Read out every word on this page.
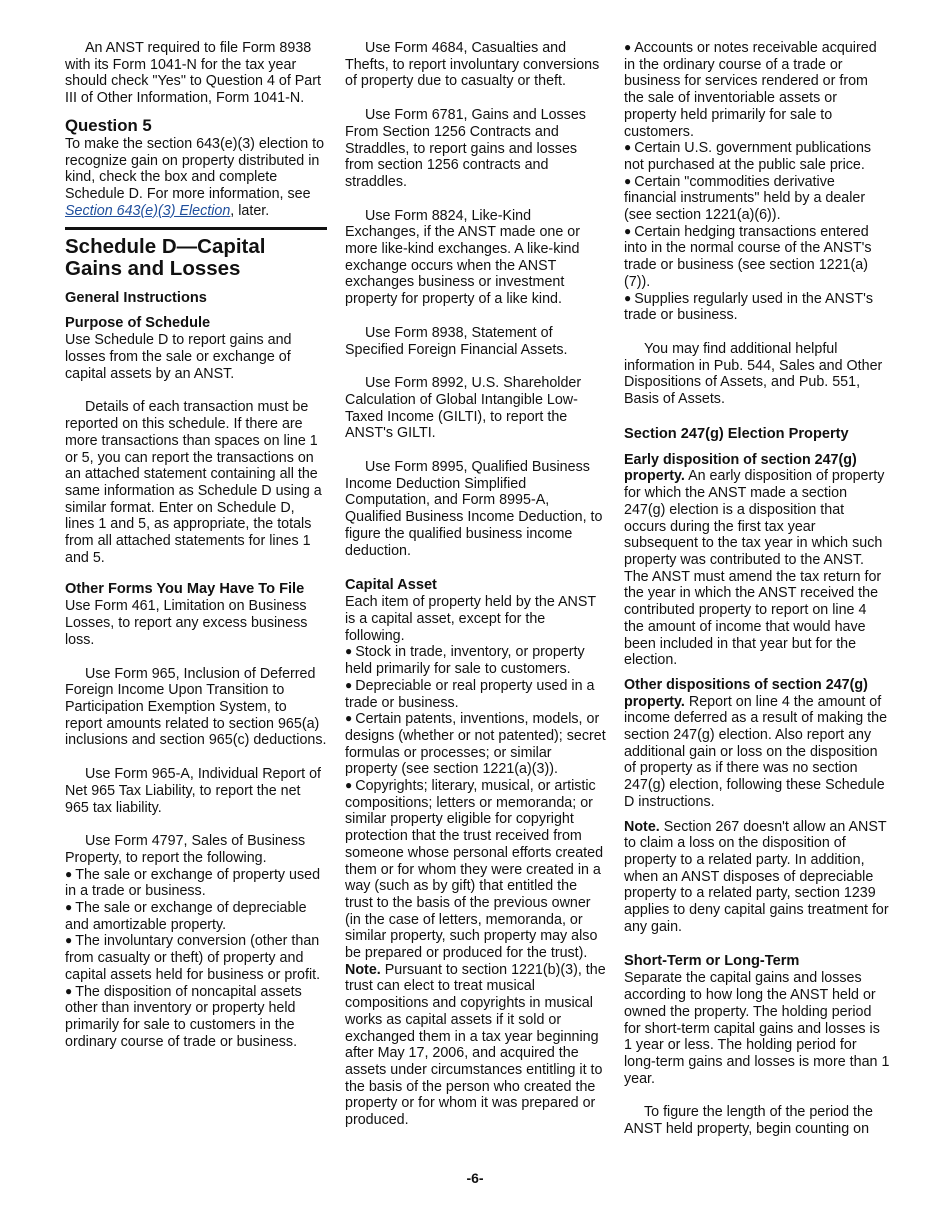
An ANST required to file Form 8938 with its Form 1041-N for the tax year should check "Yes" to Question 4 of Part III of Other Information, Form 1041-N.

Question 5

To make the section 643(e)(3) election to recognize gain on property distributed in kind, check the box and complete Schedule D. For more information, see Section 643(e)(3) Election, later.

Schedule D—Capital Gains and Losses
General Instructions
Purpose of Schedule

Use Schedule D to report gains and losses from the sale or exchange of capital assets by an ANST.

Details of each transaction must be reported on this schedule. If there are more transactions than spaces on line 1 or 5, you can report the transactions on an attached statement containing all the same information as Schedule D using a similar format. Enter on Schedule D, lines 1 and 5, as appropriate, the totals from all attached statements for lines 1 and 5.

Other Forms You May Have To File

Use Form 461, Limitation on Business Losses, to report any excess business loss.

Use Form 965, Inclusion of Deferred Foreign Income Upon Transition to Participation Exemption System, to report amounts related to section 965(a) inclusions and section 965(c) deductions.

Use Form 965-A, Individual Report of Net 965 Tax Liability, to report the net 965 tax liability.

Use Form 4797, Sales of Business Property, to report the following.

● The sale or exchange of property used in a trade or business.

● The sale or exchange of depreciable and amortizable property.

● The involuntary conversion (other than from casualty or theft) of property and capital assets held for business or profit.

● The disposition of noncapital assets other than inventory or property held primarily for sale to customers in the ordinary course of trade or business.

Use Form 4684, Casualties and Thefts, to report involuntary conversions of property due to casualty or theft.

Use Form 6781, Gains and Losses From Section 1256 Contracts and Straddles, to report gains and losses from section 1256 contracts and straddles.

Use Form 8824, Like-Kind Exchanges, if the ANST made one or more like-kind exchanges. A like-kind exchange occurs when the ANST exchanges business or investment property for property of a like kind.

Use Form 8938, Statement of Specified Foreign Financial Assets.

Use Form 8992, U.S. Shareholder Calculation of Global Intangible Low-Taxed Income (GILTI), to report the ANST's GILTI.

Use Form 8995, Qualified Business Income Deduction Simplified Computation, and Form 8995-A, Qualified Business Income Deduction, to figure the qualified business income deduction.

Capital Asset

Each item of property held by the ANST is a capital asset, except for the following.

● Stock in trade, inventory, or property held primarily for sale to customers.

● Depreciable or real property used in a trade or business.

● Certain patents, inventions, models, or designs (whether or not patented); secret formulas or processes; or similar property (see section 1221(a)(3)).

● Copyrights; literary, musical, or artistic compositions; letters or memoranda; or similar property eligible for copyright protection that the trust received from someone whose personal efforts created them or for whom they were created in a way (such as by gift) that entitled the trust to the basis of the previous owner (in the case of letters, memoranda, or similar property, such property may also be prepared or produced for the trust).

Note. Pursuant to section 1221(b)(3), the trust can elect to treat musical compositions and copyrights in musical works as capital assets if it sold or exchanged them in a tax year beginning after May 17, 2006, and acquired the assets under circumstances entitling it to the basis of the person who created the property or for whom it was prepared or produced.

● Accounts or notes receivable acquired in the ordinary course of a trade or business for services rendered or from the sale of inventoriable assets or property held primarily for sale to customers.

● Certain U.S. government publications not purchased at the public sale price.

● Certain "commodities derivative financial instruments" held by a dealer (see section 1221(a)(6)).

● Certain hedging transactions entered into in the normal course of the ANST's trade or business (see section 1221(a)(7)).

● Supplies regularly used in the ANST's trade or business.

You may find additional helpful information in Pub. 544, Sales and Other Dispositions of Assets, and Pub. 551, Basis of Assets.

Section 247(g) Election Property

Early disposition of section 247(g) property. An early disposition of property for which the ANST made a section 247(g) election is a disposition that occurs during the first tax year subsequent to the tax year in which such property was contributed to the ANST. The ANST must amend the tax return for the year in which the ANST received the contributed property to report on line 4 the amount of income that would have been included in that year but for the election.

Other dispositions of section 247(g) property. Report on line 4 the amount of income deferred as a result of making the section 247(g) election. Also report any additional gain or loss on the disposition of property as if there was no section 247(g) election, following these Schedule D instructions.

Note. Section 267 doesn't allow an ANST to claim a loss on the disposition of property to a related party. In addition, when an ANST disposes of depreciable property to a related party, section 1239 applies to deny capital gains treatment for any gain.

Short-Term or Long-Term

Separate the capital gains and losses according to how long the ANST held or owned the property. The holding period for short-term capital gains and losses is 1 year or less. The holding period for long-term gains and losses is more than 1 year.

To figure the length of the period the ANST held property, begin counting on

-6-
